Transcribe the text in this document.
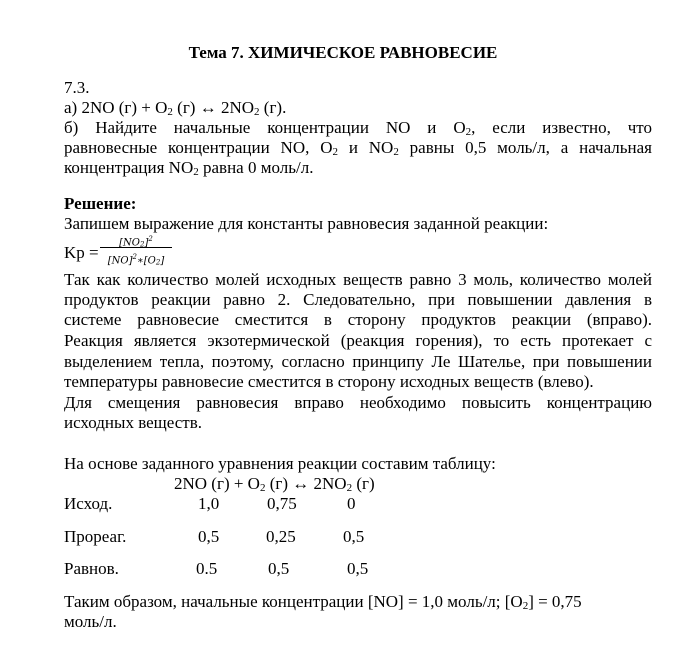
Тема 7. ХИМИЧЕСКОЕ РАВНОВЕСИЕ
7.3.
а) 2NO $(г) + O_2$ (г) ↔ $2NO_2$ (г).
б) Найдите начальные концентрации NO и $O_2$, если известно, что
равновесные концентрации NO, $O_2$ и $NO_2$ равны 0,5 моль/л, а начальная
концентрация $NO_2$ равна 0 моль/л.
Решение:
Запишем выражение для константы равновесия заданной реакции:
Kp =
$[NO_2]^2$
$[NO]^2∗[O_2]$
Так как количество молей исходных веществ равно 3 моль, количество молей
продуктов реакции равно 2. Следовательно, при повышении давления в
системе равновесие сместится в сторону продуктов реакции (вправо).
Реакция является экзотермической (реакция горения), то есть протекает с
выделением тепла, поэтому, согласно принципу Ле Шателье, при повышении
температуры равновесие сместится в сторону исходных веществ (влево).
Для смещения равновесия вправо необходимо повысить концентрацию
исходных веществ.
На основе заданного уравнения реакции составим таблицу:
2NO $(г) + O_2$ (г) ↔ $2NO_2$ (г)
Исход.	1,0	0,75	0
Прореаг.	0,5	0,25	0,5
Равнов.	0.5	0,5	0,5
Таким образом, начальные концентрации [NO] = 1,0 моль/л; $[O_2] = 0,75$
моль/л.
